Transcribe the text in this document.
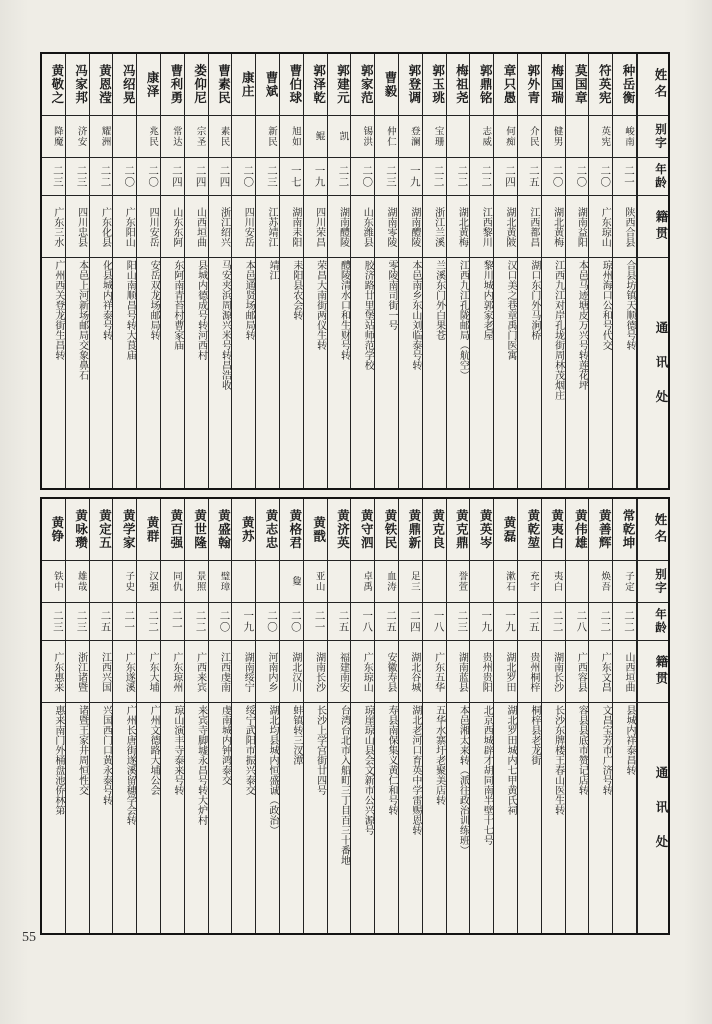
姓名
别字
年龄
籍贯
通讯处
种岳衡
峻南
二一
陕西合县
合县坊镇天顺德号转
符英宪
英宪
二〇
广东琼山
琼州海口公和号代交
莫国章
二〇
湖南益阳
本邑马迹塘皮万兴号转莲花坪
梅国瑞
健男
二〇
湖北黄梅
江西九江对岸孔垅街周林茂烟庄
郭外青
介民
二五
江西都昌
湖口东门外马涧桥
章只愚
何痴
二四
湖北黄陂
汉口美之巷章禹门医寓
郭鼎铭
志威
二二
江西黎川
黎川城内郭家老屋
梅祖尧
二二
湖北黄梅
江西九江孔陇邮局（航空）
郭玉珧
宝珊
二二
浙江兰溪
兰溪东门外白果苍
郭登调
登澜
一九
湖南醴陵
本邑南乡东山刘临泰号转
曹毅
仲仁
二三
湖南零陵
零陵南司街一号
郭家范
锡洪
二〇
山东潍县
胶济路廿里堡站师范学校
郭建元
凯
二二
湖南醴陵
醴陵清水口和生财号转
郭泽乾
鲲
一九
四川荣昌
荣昌大南街两仪生转
曹伯球
旭如
一七
湖南耒阳
耒阳县农会转
曹斌
新民
二三
江苏靖江
靖江
康庄
二〇
四川安岳
本邑通贤场邮局转
曹素民
素民
二四
浙江绍兴
马安夹浜周源兴米号转昌浩收
娄仰尼
宗圣
二四
山西垣曲
县城内德成号转河西村
曹利勇
常达
二四
山东东阿
东阿南青苔村曹家庙
康泽
兆民
二〇
四川安岳
安岳双龙场邮局转
冯绍晃
二〇
广东阳山
阳山南顺昌号转大茛庙
黄恩滢
耀洲
二二
广东化县
化县城内祥泰号转
冯家邦
济安
二三
四川忠县
本邑上河新场邮局交象鼻石
黄敬之
降魔
二三
广东三水
广州西关登龙街生昌转
姓名
别字
年龄
籍贯
通讯处
常乾坤
子定
二二
山西垣曲
县城内祥泰昌转
黄善辉
焕吾
二二
广东文昌
文昌宝芳市广济号转
黄伟雄
二八
广西容县
容县县底市赞记店转
黄夷白
夷白
二二
湖南长沙
长沙东牌楼王春山医生转
黄乾堃
充宇
二五
贵州桐梓
桐梓县老龙街
黄磊
漱石
一九
湖北罗田
湖北罗田城内七甲黄氏祠
黄英岑
一九
贵州贵阳
北京西城辟才胡同南半壁十七号
黄克鼎
誉萱
二三
湖南蓝县
本邑湘太来转（派往政治训练班）
黄克良
一八
广东五华
五华水寨圩老聚美店转
黄鼎新
足三
二四
湖北谷城
湖北老河口育英中学雷赐恩转
黄铁民
血涛
二五
安徽寿县
寿县南保集义黄仁和号转
黄守泗
卓禹
一八
广东琼山
琼崖琼山县会文新市公兴源号
黄济英
二五
福建南安
台湾台北市入船町三丁目百三十番地
黄戬
亚山
二一
湖南长沙
长沙上学宫街廿四号
黄格君
敻
二〇
湖北汉川
蚌镇转三汊潭
黄志忠
二〇
河南内乡
湖北均县城内恒盛诚（政治）
黄苏
一九
湖南绥宁
绥宁武阳市振兴泰交
黄盛翰
璧璋
二〇
江西虔南
虔南城内钟鸿泰交
黄世隆
景照
二二
广西来宾
来宾寺脚墟永昌号转大炉村
黄百强
同仇
二一
广东琼州
琼山演丰寺泰来号转
黄群
汉强
二二
广东大埔
广州文德路大埔公会
黄学家
子史
二一
广东遂溪
广州长唐街遂溪留穗学会转
黄定五
二五
江西兴国
兴国西门口黄永泰号转
黄咏瓒
雄哉
二三
浙江诸暨
诸暨王家井周恒性交
黄铮
铁中
二三
广东惠来
惠来南门外桶盘池侨林第
55
